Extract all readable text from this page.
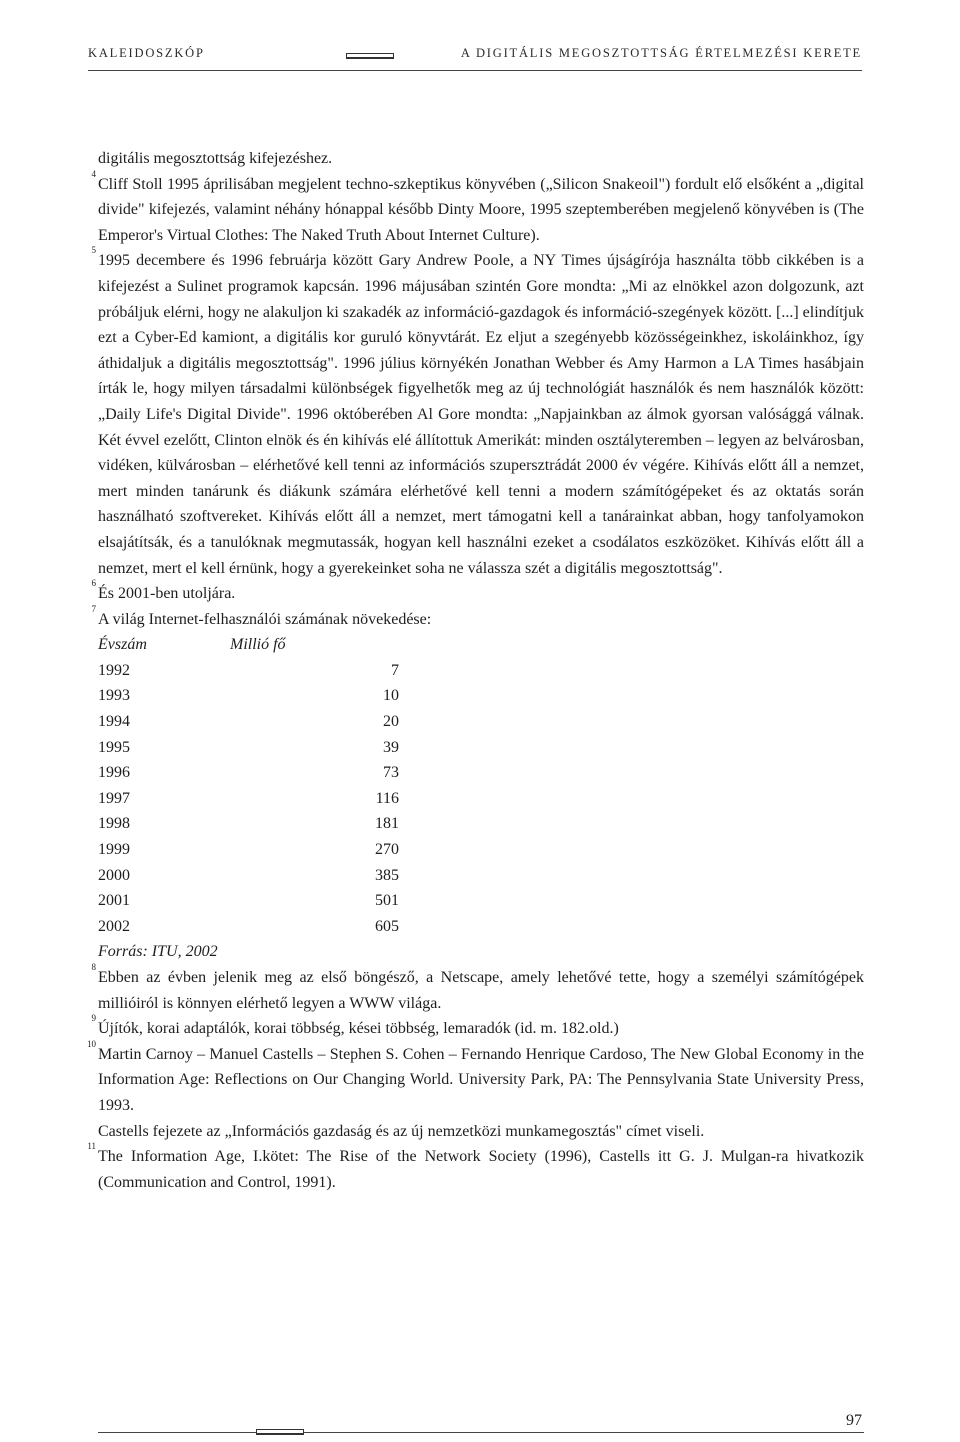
KALEIDOSZKÓP	A DIGITÁLIS MEGOSZTOTTSÁG ÉRTELMEZÉSI KERETE

digitális megosztottság kifejezéshez.

4
Cliff Stoll 1995 áprilisában megjelent techno-szkeptikus könyvében („Silicon Snakeoil") fordult elő elsőként a „digital divide" kifejezés, valamint néhány hónappal később Dinty Moore, 1995 szeptemberében megjelenő könyvében is (The Emperor's Virtual Clothes: The Naked Truth About Internet Culture).

5
1995 decembere és 1996 februárja között Gary Andrew Poole, a NY Times újságírója használta több cikkében is a kifejezést a Sulinet programok kapcsán. 1996 májusában szintén Gore mondta: „Mi az elnökkel azon dolgozunk, azt próbáljuk elérni, hogy ne alakuljon ki szakadék az információ-gazdagok és információ-szegények között. [...] elindítjuk ezt a Cyber-Ed kamiont, a digitális kor guruló könyvtárát. Ez eljut a szegényebb közösségeinkhez, iskoláinkhoz, így áthidaljuk a digitális megosztottság". 1996 július környékén Jonathan Webber és Amy Harmon a LA Times hasábjain írták le, hogy milyen társadalmi különbségek figyelhetők meg az új technológiát használók és nem használók között: „Daily Life's Digital Divide". 1996 októberében Al Gore mondta: „Napjainkban az álmok gyorsan valósággá válnak. Két évvel ezelőtt, Clinton elnök és én kihívás elé állítottuk Amerikát: minden osztályteremben – legyen az belvárosban, vidéken, külvárosban – elérhetővé kell tenni az információs szupersztrádát 2000 év végére. Kihívás előtt áll a nemzet, mert minden tanárunk és diákunk számára elérhetővé kell tenni a modern számítógépeket és az oktatás során használható szoftvereket. Kihívás előtt áll a nemzet, mert támogatni kell a tanárainkat abban, hogy tanfolyamokon elsajátítsák, és a tanulóknak megmutassák, hogyan kell használni ezeket a csodálatos eszközöket. Kihívás előtt áll a nemzet, mert el kell érnünk, hogy a gyerekeinket soha ne válassza szét a digitális megosztottság".

6
És 2001-ben utoljára.

7
A világ Internet-felhasználói számának növekedése:

Évszám	Millió fő
1992	7
1993	10
1994	20
1995	39
1996	73
1997	116
1998	181
1999	270
2000	385
2001	501
2002	605
Forrás: ITU, 2002

8
Ebben az évben jelenik meg az első böngésző, a Netscape, amely lehetővé tette, hogy a személyi számítógépek millióiról is könnyen elérhető legyen a WWW világa.

9
Újítók, korai adaptálók, korai többség, kései többség, lemaradók (id. m. 182.old.)

10
Martin Carnoy – Manuel Castells – Stephen S. Cohen – Fernando Henrique Cardoso, The New Global Economy in the Information Age: Reflections on Our Changing World. University Park, PA: The Pennsylvania State University Press, 1993.

Castells fejezete az „Információs gazdaság és az új nemzetközi munkamegosztás" címet viseli.

11
The Information Age, I.kötet: The Rise of the Network Society (1996), Castells itt G. J. Mulgan-ra hivatkozik (Communication and Control, 1991).

97
